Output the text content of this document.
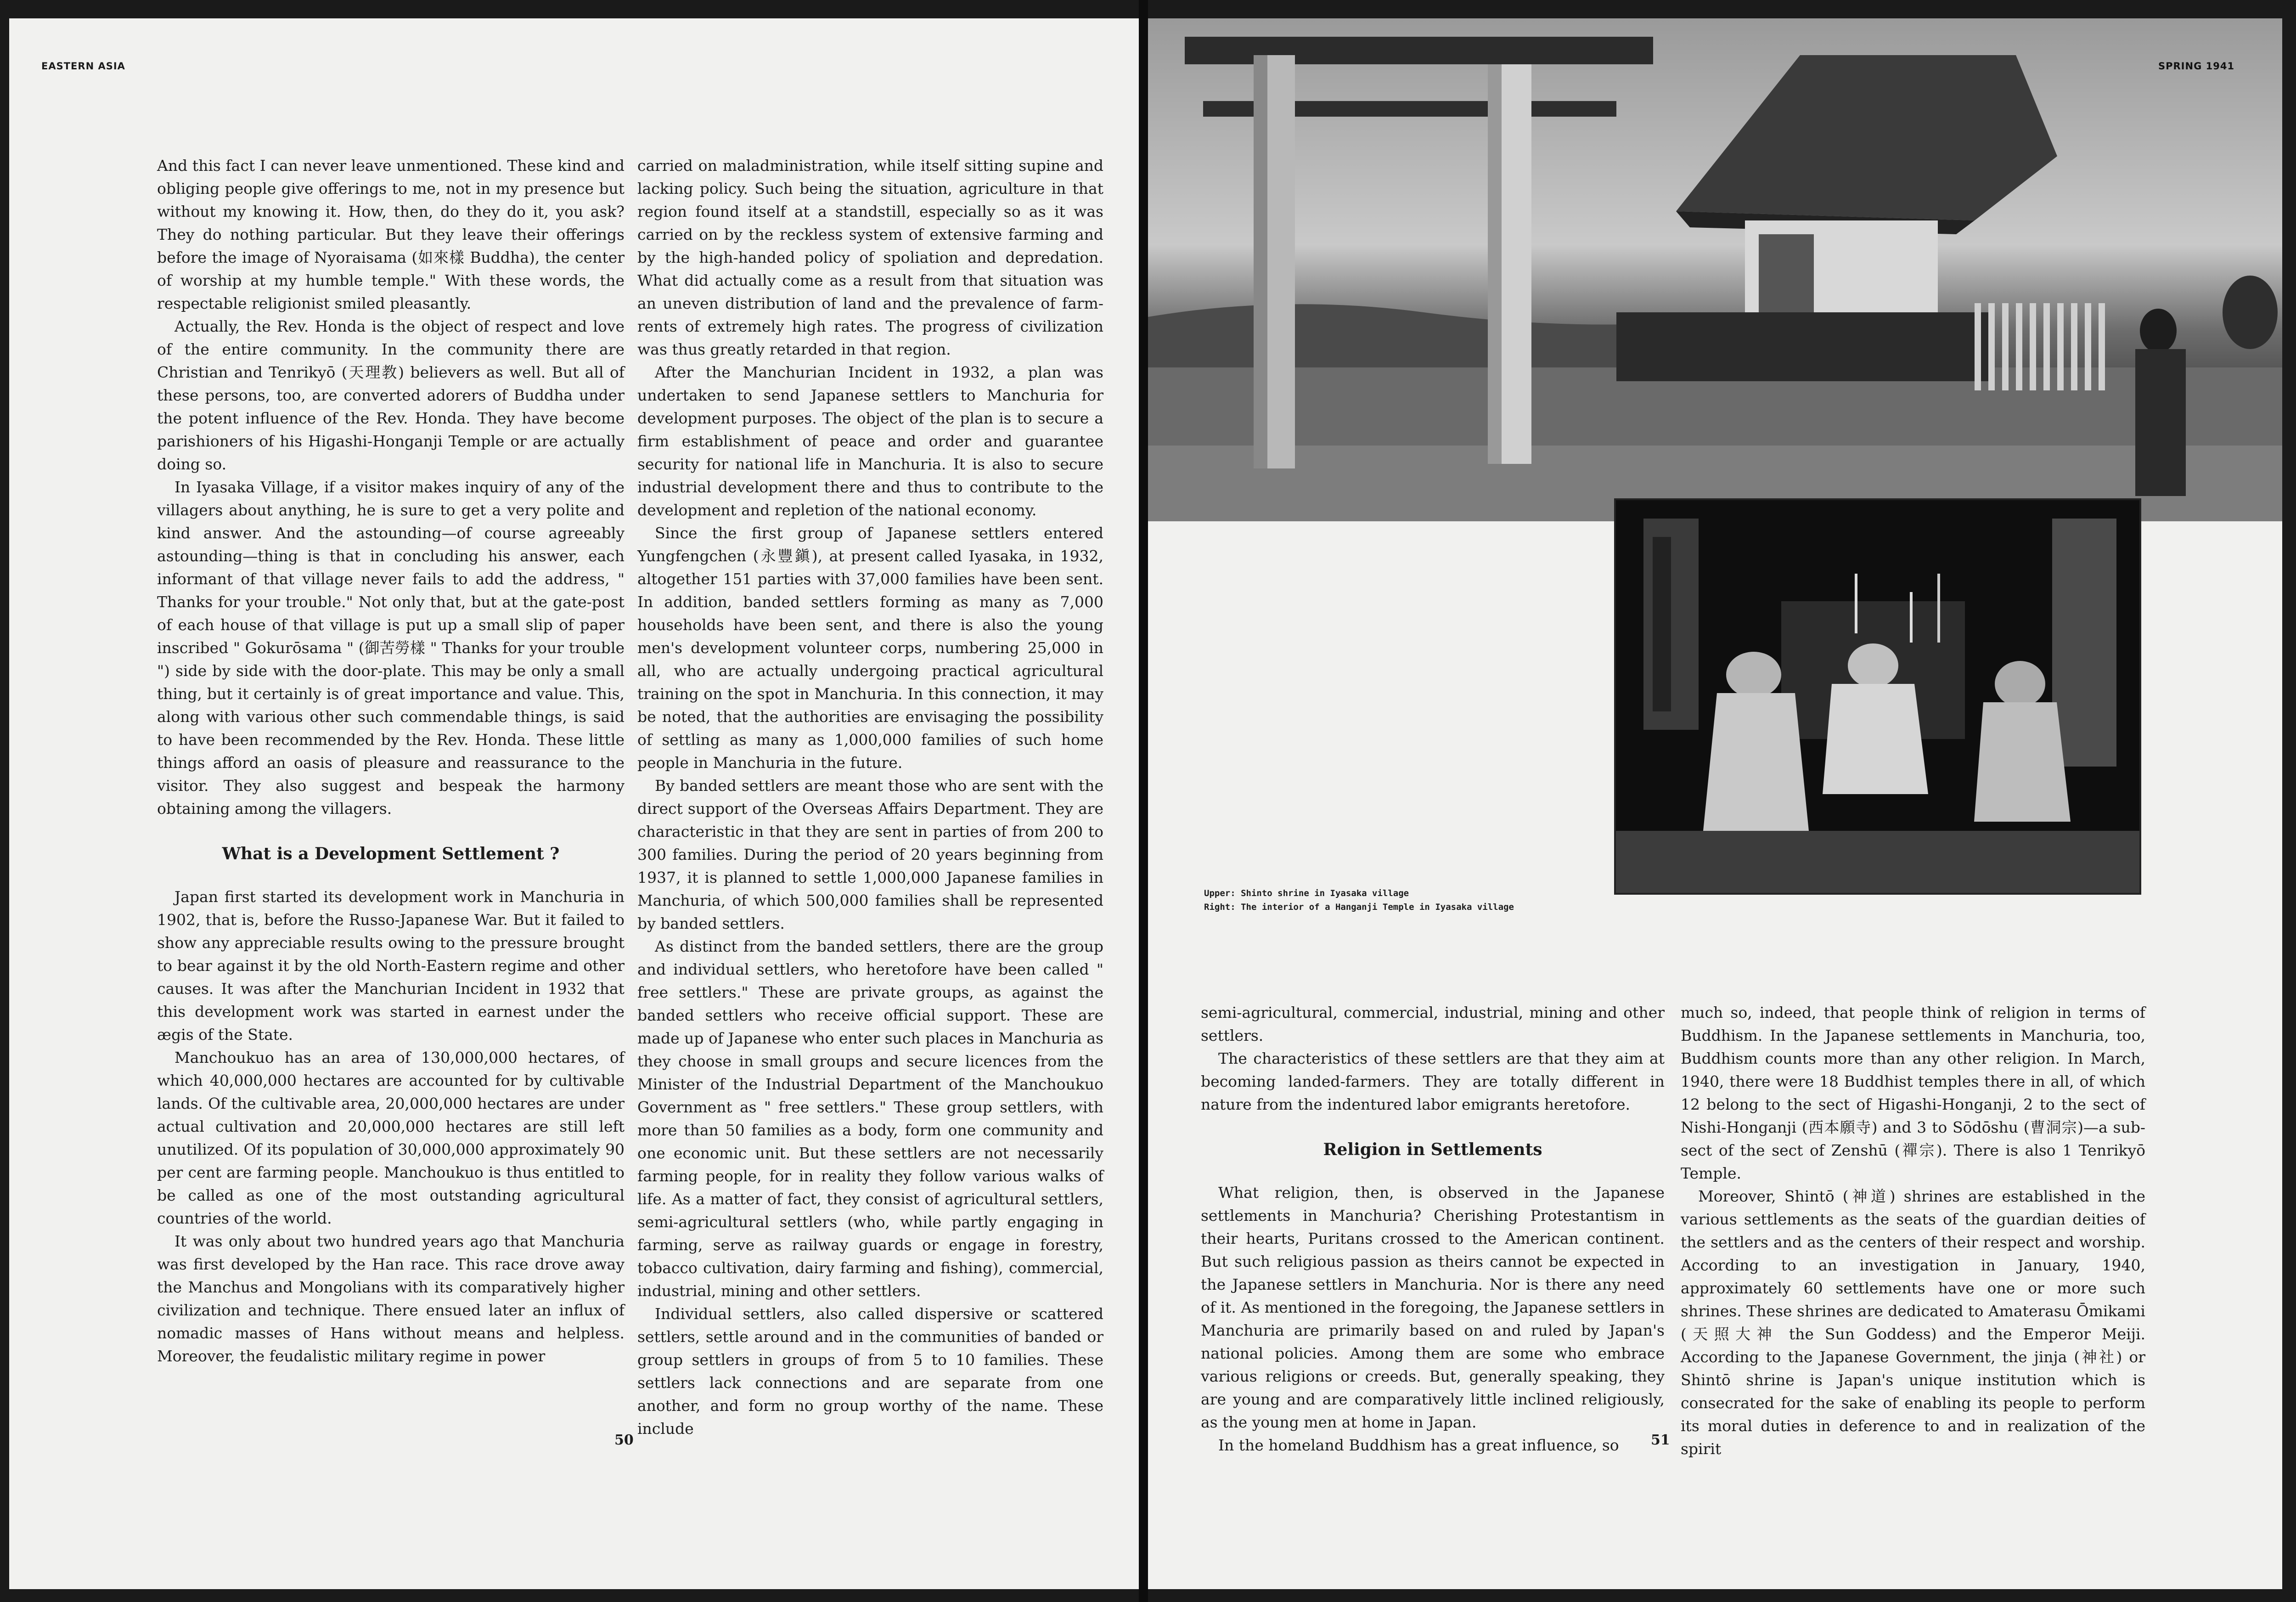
EASTERN ASIA

And this fact I can never leave unmentioned. These kind and obliging people give offerings to me, not in my presence but without my knowing it. How, then, do they do it, you ask? They do nothing particular. But they leave their offerings before the image of Nyoraisama (如來樣 Buddha), the center of worship at my humble temple." With these words, the respectable religionist smiled pleasantly.

Actually, the Rev. Honda is the object of respect and love of the entire community. In the community there are Christian and Tenrikyō (天理教) believers as well. But all of these persons, too, are converted adorers of Buddha under the potent influence of the Rev. Honda. They have become parishioners of his Higashi-Honganji Temple or are actually doing so.

In Iyasaka Village, if a visitor makes inquiry of any of the villagers about anything, he is sure to get a very polite and kind answer. And the astounding—of course agreeably astounding—thing is that in concluding his answer, each informant of that village never fails to add the address, " Thanks for your trouble." Not only that, but at the gate-post of each house of that village is put up a small slip of paper inscribed " Gokurōsama " (御苦勞樣 " Thanks for your trouble ") side by side with the door-plate. This may be only a small thing, but it certainly is of great importance and value. This, along with various other such commendable things, is said to have been recommended by the Rev. Honda. These little things afford an oasis of pleasure and reassurance to the visitor. They also suggest and bespeak the harmony obtaining among the villagers.

What is a Development Settlement ?

Japan first started its development work in Manchuria in 1902, that is, before the Russo-Japanese War. But it failed to show any appreciable results owing to the pressure brought to bear against it by the old North-Eastern regime and other causes. It was after the Manchurian Incident in 1932 that this development work was started in earnest under the ægis of the State.

Manchoukuo has an area of 130,000,000 hectares, of which 40,000,000 hectares are accounted for by cultivable lands. Of the cultivable area, 20,000,000 hectares are under actual cultivation and 20,000,000 hectares are still left unutilized. Of its population of 30,000,000 approximately 90 per cent are farming people. Manchoukuo is thus entitled to be called as one of the most outstanding agricultural countries of the world.

It was only about two hundred years ago that Manchuria was first developed by the Han race. This race drove away the Manchus and Mongolians with its comparatively higher civilization and technique. There ensued later an influx of nomadic masses of Hans without means and helpless. Moreover, the feudalistic military regime in power

carried on maladministration, while itself sitting supine and lacking policy. Such being the situation, agriculture in that region found itself at a standstill, especially so as it was carried on by the reckless system of extensive farming and by the high-handed policy of spoliation and depredation. What did actually come as a result from that situation was an uneven distribution of land and the prevalence of farm-rents of extremely high rates. The progress of civilization was thus greatly retarded in that region.

After the Manchurian Incident in 1932, a plan was undertaken to send Japanese settlers to Manchuria for development purposes. The object of the plan is to secure a firm establishment of peace and order and guarantee security for national life in Manchuria. It is also to secure industrial development there and thus to contribute to the development and repletion of the national economy.

Since the first group of Japanese settlers entered Yungfengchen (永豐鎭), at present called Iyasaka, in 1932, altogether 151 parties with 37,000 families have been sent. In addition, banded settlers forming as many as 7,000 households have been sent, and there is also the young men's development volunteer corps, numbering 25,000 in all, who are actually undergoing practical agricultural training on the spot in Manchuria. In this connection, it may be noted, that the authorities are envisaging the possibility of settling as many as 1,000,000 families of such home people in Manchuria in the future.

By banded settlers are meant those who are sent with the direct support of the Overseas Affairs Department. They are characteristic in that they are sent in parties of from 200 to 300 families. During the period of 20 years beginning from 1937, it is planned to settle 1,000,000 Japanese families in Manchuria, of which 500,000 families shall be represented by banded settlers.

As distinct from the banded settlers, there are the group and individual settlers, who heretofore have been called " free settlers." These are private groups, as against the banded settlers who receive official support. These are made up of Japanese who enter such places in Manchuria as they choose in small groups and secure licences from the Minister of the Industrial Department of the Manchoukuo Government as " free settlers." These group settlers, with more than 50 families as a body, form one community and one economic unit. But these settlers are not necessarily farming people, for in reality they follow various walks of life. As a matter of fact, they consist of agricultural settlers, semi-agricultural settlers (who, while partly engaging in farming, serve as railway guards or engage in forestry, tobacco cultivation, dairy farming and fishing), commercial, industrial, mining and other settlers.

Individual settlers, also called dispersive or scattered settlers, settle around and in the communities of banded or group settlers in groups of from 5 to 10 families. These settlers lack connections and are separate from one another, and form no group worthy of the name. These include

50
SPRING 1941
Upper: Shinto shrine in Iyasaka village
Right: The interior of a Hanganji Temple in Iyasaka village

semi-agricultural, commercial, industrial, mining and other settlers.

The characteristics of these settlers are that they aim at becoming landed-farmers. They are totally different in nature from the indentured labor emigrants heretofore.

Religion in Settlements

What religion, then, is observed in the Japanese settlements in Manchuria? Cherishing Protestantism in their hearts, Puritans crossed to the American continent. But such religious passion as theirs cannot be expected in the Japanese settlers in Manchuria. Nor is there any need of it. As mentioned in the foregoing, the Japanese settlers in Manchuria are primarily based on and ruled by Japan's national policies. Among them are some who embrace various religions or creeds. But, generally speaking, they are young and are comparatively little inclined religiously, as the young men at home in Japan.

In the homeland Buddhism has a great influence, so

much so, indeed, that people think of religion in terms of Buddhism. In the Japanese settlements in Manchuria, too, Buddhism counts more than any other religion. In March, 1940, there were 18 Buddhist temples there in all, of which 12 belong to the sect of Higashi-Honganji, 2 to the sect of Nishi-Honganji (西本願寺) and 3 to Sōdōshu (曹洞宗)—a sub-sect of the sect of Zenshū (禪宗). There is also 1 Tenrikyō Temple.

Moreover, Shintō (神道) shrines are established in the various settlements as the seats of the guardian deities of the settlers and as the centers of their respect and worship. According to an investigation in January, 1940, approximately 60 settlements have one or more such shrines. These shrines are dedicated to Amaterasu Ōmikami (天照大神 the Sun Goddess) and the Emperor Meiji. According to the Japanese Government, the jinja (神社) or Shintō shrine is Japan's unique institution which is consecrated for the sake of enabling its people to perform its moral duties in deference to and in realization of the spirit

51
